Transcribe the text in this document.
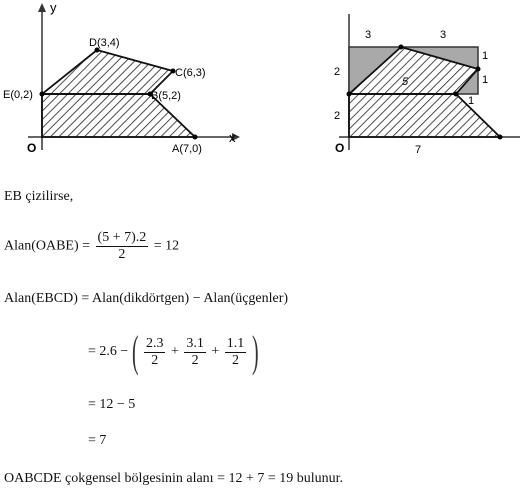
y
x
O
D(3,4)
C(6,3)
E(0,2)	B(5,2)
A(7,0)
3	3
1
1
2
2
5
1
O	7
EB çizilirse,
Alan(OABE) = $\frac{(5 + 7).2}{2} = 12$
Alan(EBCD) = Alan(dikdörtgen) − Alan(üçgenler)
= 2.6 − ( $\frac{2.3}{2} + \frac{3.1}{2} + \frac{1.1}{2}$ )
= 12 − 5
= 7
OABCDE çokgensel bölgesinin alanı = 12 + 7 = 19 bulunur.
